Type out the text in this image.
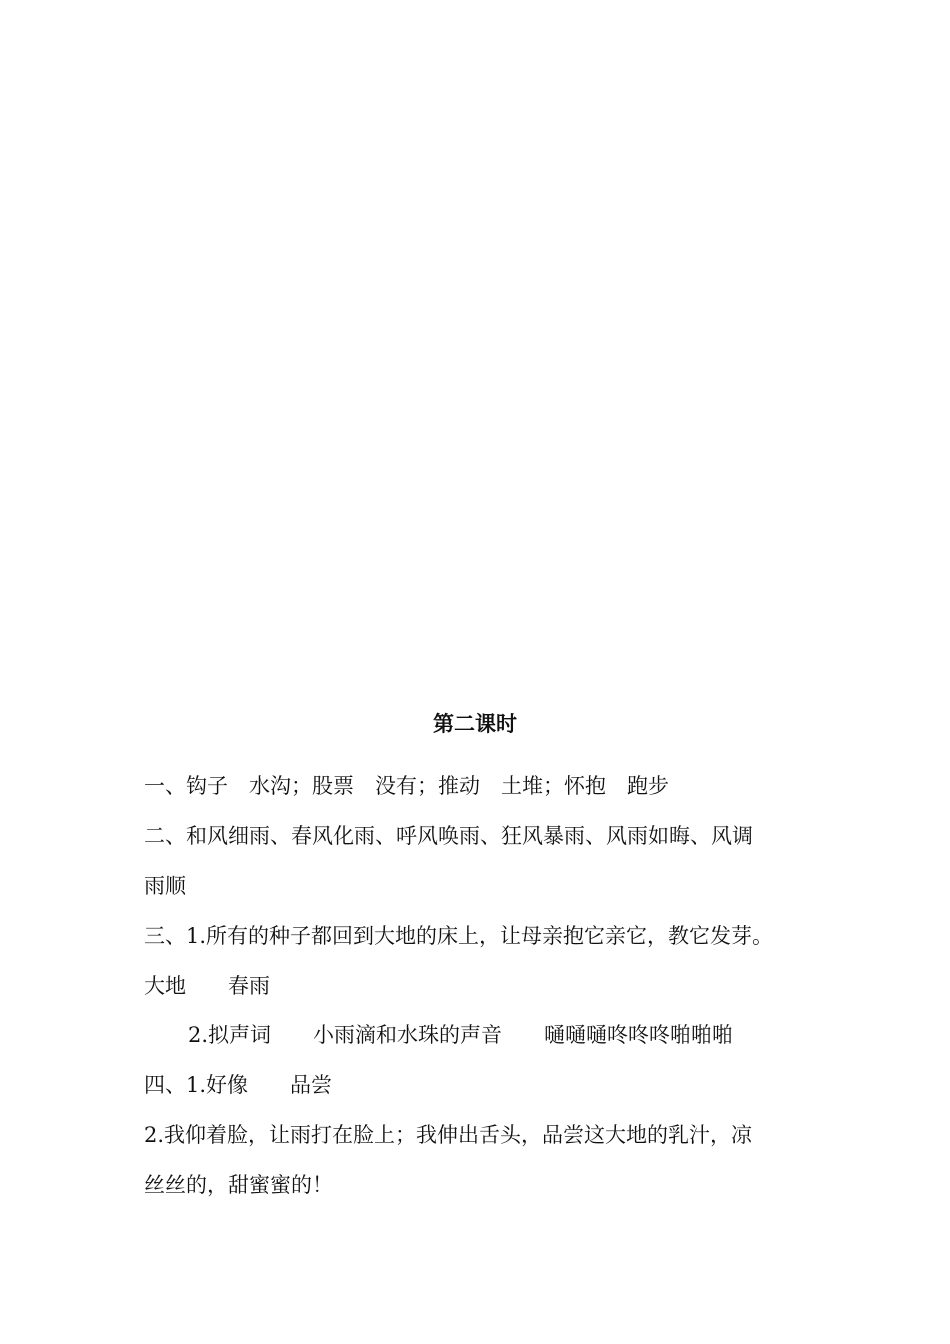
第二课时
一、钩子　水沟；股票　没有；推动　土堆；怀抱　跑步
二、和风细雨、春风化雨、呼风唤雨、狂风暴雨、风雨如晦、风调
雨顺
三、1.所有的种子都回到大地的床上，让母亲抱它亲它，教它发芽。
大地　　春雨
2.拟声词　　小雨滴和水珠的声音　　嗵嗵嗵咚咚咚啪啪啪
四、1.好像　　品尝
2.我仰着脸，让雨打在脸上；我伸出舌头，品尝这大地的乳汁，凉
丝丝的，甜蜜蜜的！
